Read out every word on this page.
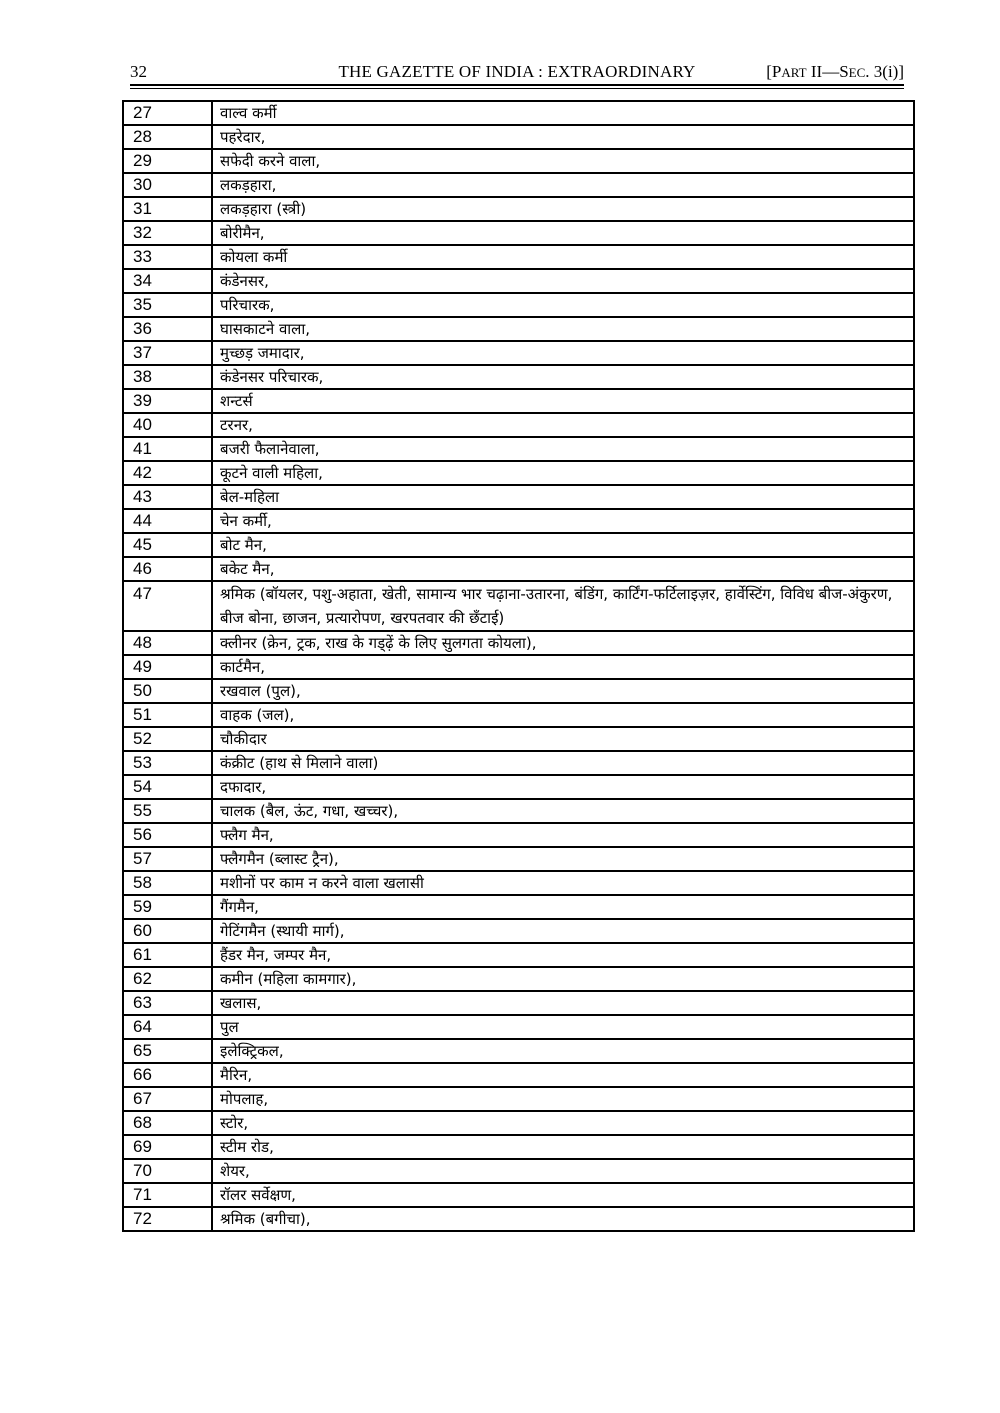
32	THE GAZETTE OF INDIA : EXTRAORDINARY	[PART II—SEC. 3(i)]
27	वाल्व कर्मी
28	पहरेदार,
29	सफेदी करने वाला,
30	लकड़हारा,
31	लकड़हारा (स्त्री)
32	बोरीमैन,
33	कोयला कर्मी
34	कंडेनसर,
35	परिचारक,
36	घासकाटने वाला,
37	मुच्छड़ जमादार,
38	कंडेनसर परिचारक,
39	शन्टर्स
40	टरनर,
41	बजरी फैलानेवाला,
42	कूटने वाली महिला,
43	बेल-महिला
44	चेन कर्मी,
45	बोट मैन,
46	बकेट मैन,
47	श्रमिक (बॉयलर, पशु-अहाता, खेती, सामान्य भार चढ़ाना-उतारना, बंडिंग, कार्टिंग-फर्टिलाइज़र, हार्वेस्टिंग, विविध बीज-अंकुरण, बीज बोना, छाजन, प्रत्यारोपण, खरपतवार की छँटाई)
48	क्लीनर (क्रेन, ट्रक, राख के गड्ढ़ें के लिए सुलगता कोयला),
49	कार्टमैन,
50	रखवाल (पुल),
51	वाहक (जल),
52	चौकीदार
53	कंक्रीट (हाथ से मिलाने वाला)
54	दफादार,
55	चालक (बैल, ऊंट, गधा, खच्चर),
56	फ्लैग मैन,
57	फ्लैगमैन (ब्लास्ट ट्रैन),
58	मशीनों पर काम न करने वाला खलासी
59	गैंगमैन,
60	गेटिंगमैन (स्थायी मार्ग),
61	हैंडर मैन, जम्पर मैन,
62	कमीन (महिला कामगार),
63	खलास,
64	पुल
65	इलेक्ट्रिकल,
66	मैरिन,
67	मोपलाह,
68	स्टोर,
69	स्टीम रोड,
70	शेयर,
71	रॉलर सर्वेक्षण,
72	श्रमिक (बगीचा),
